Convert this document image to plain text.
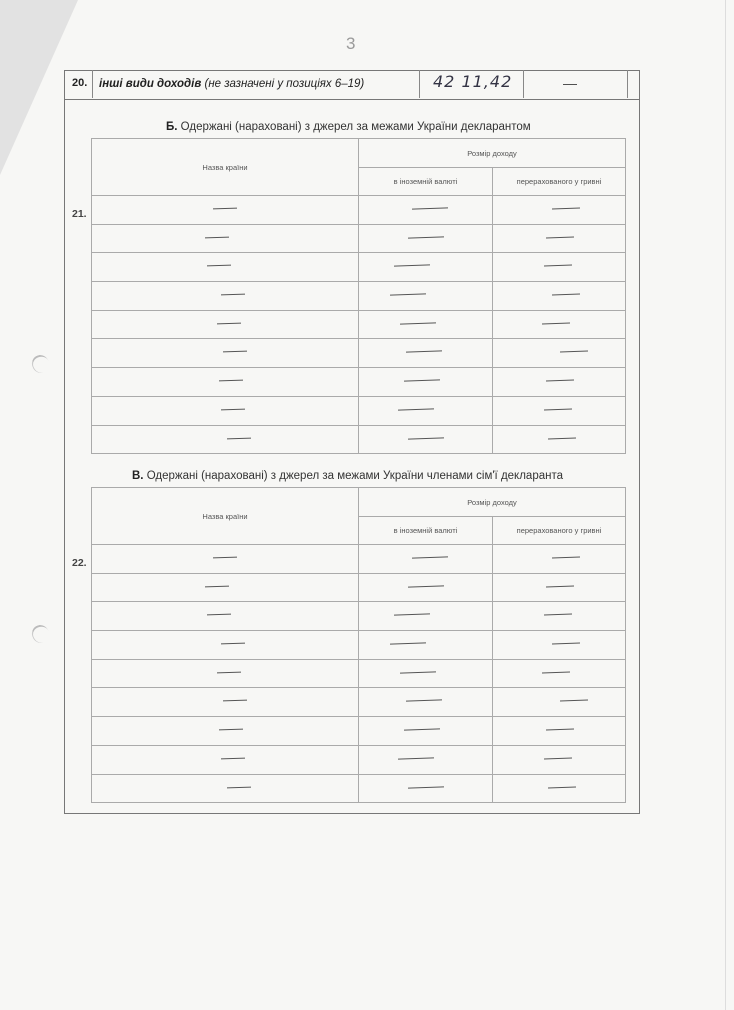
3
20. інші види доходів (не зазначені у позиціях 6–19)	42 11,42	—
Б. Одержані (нараховані) з джерел за межами України декларантом
Назва країни	Розмір доходу	
	в іноземній валюті	перерахованого у гривні

21.
В. Одержані (нараховані) з джерел за межами України членами сім'ї декларанта
Назва країни	Розмір доходу	
	в іноземній валюті	перерахованого у гривні

22.
